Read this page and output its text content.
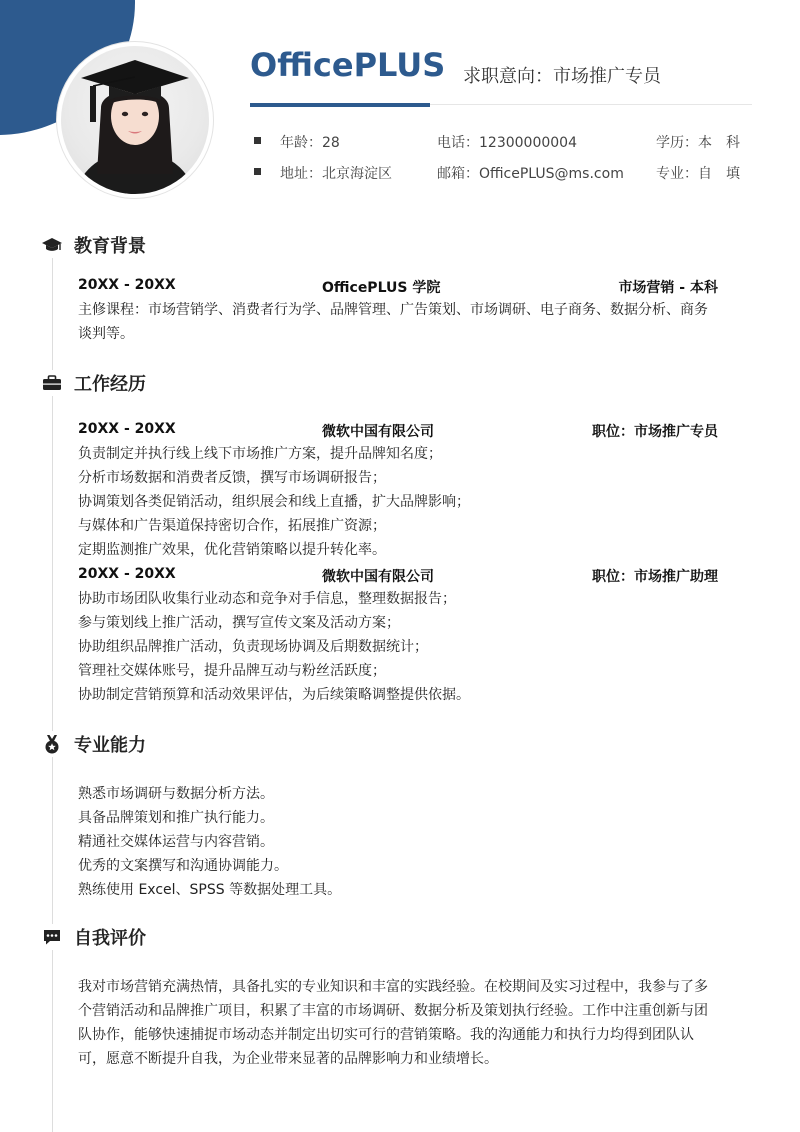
OfficePLUS 求职意向：市场推广专员
年龄：28	电话：12300000004	学历：本　科
地址：北京海淀区	邮箱：OfficePLUS@ms.com 专业：自　填
教育背景
20XX - 20XX	OfficePLUS 学院	市场营销 - 本科

主修课程：市场营销学、消费者行为学、品牌管理、广告策划、市场调研、电子商务、数据分析、商务谈判等。

工作经历
20XX - 20XX	微软中国有限公司	职位：市场推广专员

负责制定并执行线上线下市场推广方案，提升品牌知名度；

分析市场数据和消费者反馈，撰写市场调研报告；

协调策划各类促销活动，组织展会和线上直播，扩大品牌影响；

与媒体和广告渠道保持密切合作，拓展推广资源；

定期监测推广效果，优化营销策略以提升转化率。

20XX - 20XX	微软中国有限公司	职位：市场推广助理

协助市场团队收集行业动态和竞争对手信息，整理数据报告；

参与策划线上推广活动，撰写宣传文案及活动方案；

协助组织品牌推广活动，负责现场协调及后期数据统计；

管理社交媒体账号，提升品牌互动与粉丝活跃度；

协助制定营销预算和活动效果评估，为后续策略调整提供依据。

专业能力

熟悉市场调研与数据分析方法。

具备品牌策划和推广执行能力。

精通社交媒体运营与内容营销。

优秀的文案撰写和沟通协调能力。

熟练使用 Excel、SPSS 等数据处理工具。

自我评价

我对市场营销充满热情，具备扎实的专业知识和丰富的实践经验。在校期间及实习过程中，我参与了多个营销活动和品牌推广项目，积累了丰富的市场调研、数据分析及策划执行经验。工作中注重创新与团队协作，能够快速捕捉市场动态并制定出切实可行的营销策略。我的沟通能力和执行力均得到团队认可，愿意不断提升自我，为企业带来显著的品牌影响力和业绩增长。
